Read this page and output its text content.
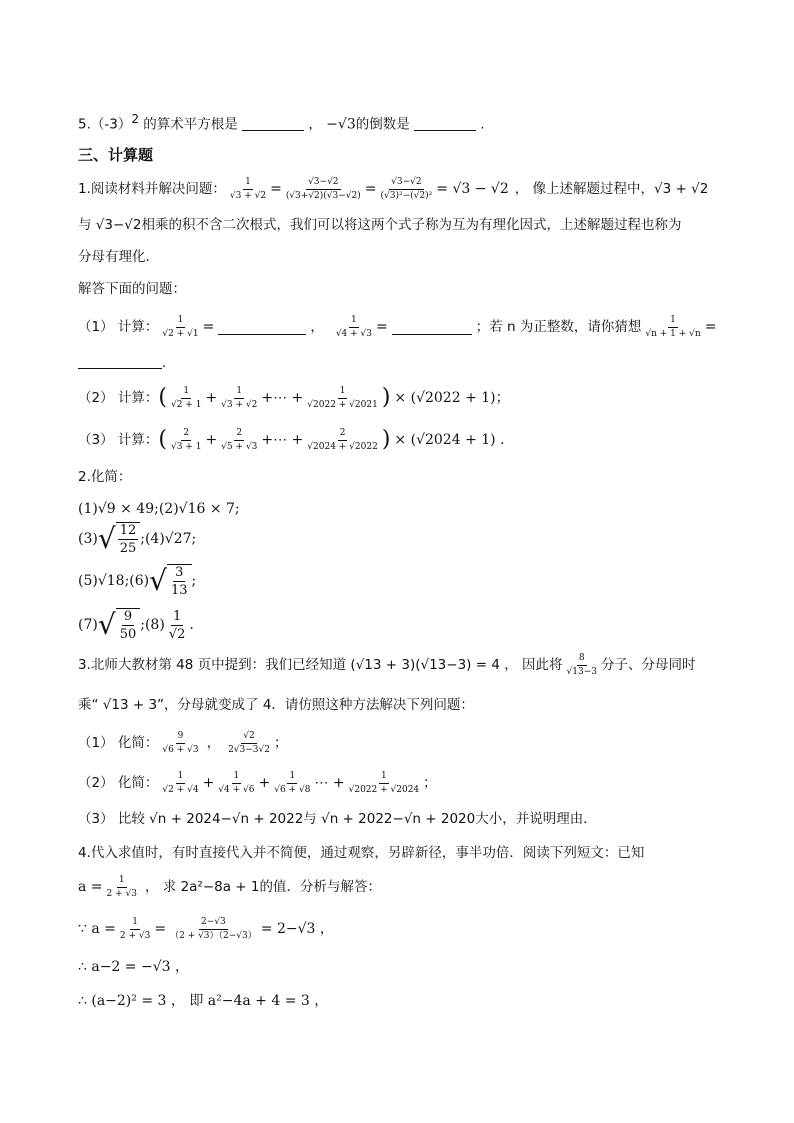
$5.(-3)^2$ 的算术平方根是	， −√3的倒数是	.
三、计算题
1.阅读材料并解决问题： $\frac{1}{√3 + √2} = \frac{√3-√2}{(√3+√2)(√3-√2)} = \frac{√3-√2}{\text{(√3)²−(√2)²}} = √3 - √2$ ， 像上述解题过程中，√3 + √2
与 √3−√2相乘的积不含二次根式，我们可以将这两个式子称为互为有理化因式，上述解题过程也称为
分母有理化．
解答下面的问题：
（1） 计算： $\frac{1}{√2 + √1}$ =	， $\frac{1}{√4 + √3}$ =	；若 n 为正整数，请你猜想 $\frac{1}{√n + 1 + √n}$ =
.
（2） 计算： ( $\frac{1}{√2 + 1} + \frac{1}{√3 + √2}$ +⋯ + $\frac{1}{√2022 + √2021}$ ) × (√2022 + 1)；
（3） 计算： ( $\frac{2}{√3 + 1} + \frac{2}{√5 + √3}$ +⋯ + $\frac{2}{√2024 + √2022}$ ) × (√2024 + 1) ．
2.化简：
(1)√9 × 49;(2)√16 × 7;
(3) √ $\frac{12}{25}$ ;(4)√27;
(5)√18;(6) √ $\frac{3}{13}$ ;
(7) √ $\frac{9}{50}$ ;(8) $\frac{1}{√2}$ .
3.北师大教材第 48 页中提到：我们已经知道 (√13 + 3)(√13−3) = 4 ， 因此将 $\frac{8}{√13-3}$ 分子、分母同时
乘“ √13 + 3”，分母就变成了 4．请仿照这种方法解决下列问题：
（1） 化简： $\frac{9}{√6 + √3}$ ， $\frac{√2}{2√3-3√2}$ ；
（2） 化简： $\frac{1}{√2 + √4} + \frac{1}{√4 + √6} + \frac{1}{√6 + √8}$ ⋯ + $\frac{1}{√2022 + √2024}$ ；
（3） 比较 √n + 2024−√n + 2022与 √n + 2022−√n + 2020大小，并说明理由．
4.代入求值时，有时直接代入并不简便，通过观察，另辟新径，事半功倍．阅读下列短文：已知
$a = \frac{1}{2 + √3}$ ， 求 2a²−8a + 1的值．分析与解答：
∵ $a = \frac{1}{2 + √3} = \frac{2-√3}{(2 + √3)(2-√3)} = 2-√3$ ，
∴ a−2 = −√3 ，
∴ (a−2)² = 3 ， 即 a²−4a + 4 = 3 ，
